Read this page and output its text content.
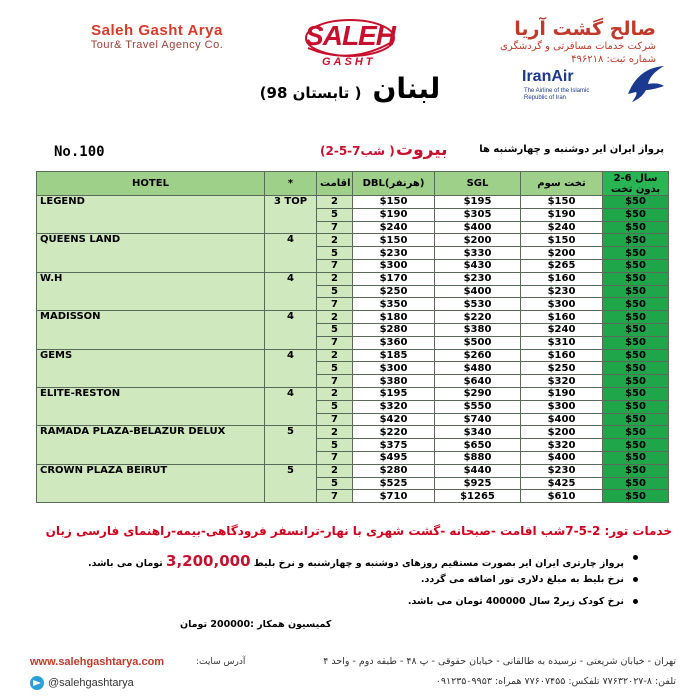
Saleh Gasht Arya
Tour& Travel Agency Co.	SALEH
GASHT
صالح گشت آریا
شرکت خدمات مسافرتی و گردشگری
شماره ثبت: ۴۹۶۲۱۸
IranAir
The Airline of the Islamic Republic of Iran
لبنان ( تابستان 98)
No.100	(2-5-7شب ) بیروت	پرواز ایران ایر دوشنبه و چهارشنبه ها
HOTEL	*	اقامت	DBL(هرنفر)	SGL	تخت سوم	2-6 سال بدون تخت
LEGEND	3 TOP	2	$150	$195	$150	$50
		5	$190	$305	$190	$50
		7	$240	$400	$240	$50
QUEENS LAND	4	2	$150	$200	$150	$50
		5	$230	$330	$200	$50
		7	$300	$430	$265	$50
W.H	4	2	$170	$230	$160	$50
		5	$250	$400	$230	$50
		7	$350	$530	$300	$50
MADISSON	4	2	$180	$220	$160	$50
		5	$280	$380	$240	$50
		7	$360	$500	$310	$50
GEMS	4	2	$185	$260	$160	$50
		5	$300	$480	$250	$50
		7	$380	$640	$320	$50
ELITE-RESTON	4	2	$195	$290	$190	$50
		5	$320	$550	$300	$50
		7	$420	$740	$400	$50
RAMADA PLAZA-BELAZUR DELUX	5	2	$220	$340	$200	$50
		5	$375	$650	$320	$50
		7	$495	$880	$400	$50
CROWN PLAZA BEIRUT	5	2	$280	$440	$230	$50
		5	$525	$925	$425	$50
		7	$710	$1265	$610	$50
خدمات تور: 2-5-7شب اقامت -صبحانه -گشت شهری با نهار-ترانسفر فرودگاهی-بیمه-راهنمای فارسی زبان
پرواز چارتری ایران ایر بصورت مستقیم روزهای دوشنبه و چهارشنبه و نرخ بلیط 3,200,000 تومان می باشد.
نرخ بلیط به مبلغ دلاری تور اضافه می گردد.
نرخ کودک زیر2 سال 400000 تومان می باشد.
کمیسیون همکار :200000 تومان
www.salehgashtarya.com	آدرس سایت:
@salehgashtarya
تهران - خیابان شریعتی - نرسیده به طالقانی - خیابان حقوقی - پ ۴۸ - طبقه دوم - واحد ۴
تلفن: ۸-۷۷۶۳۲۰۲۷ تلفکس: ۷۷۶۰۷۴۵۵ همراه: ۰۹۱۲۳۵۰۹۹۵۳
